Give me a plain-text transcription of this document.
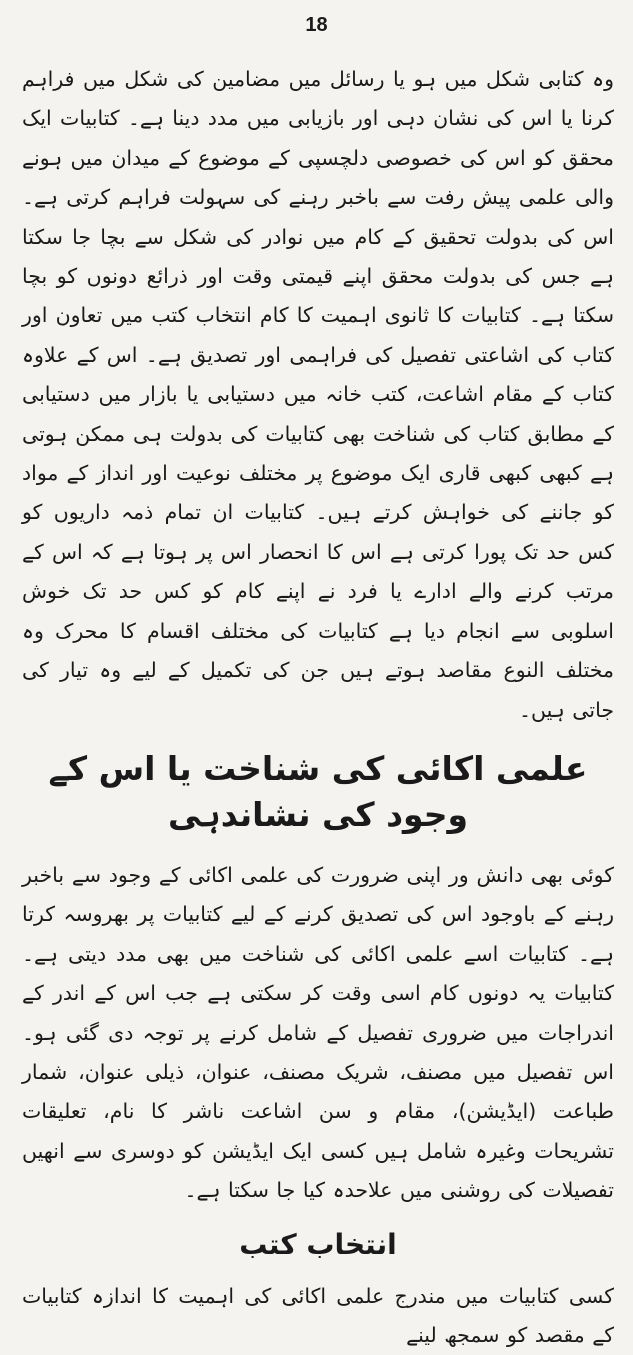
18

وہ کتابی شکل میں ہو یا رسائل میں مضامین کی شکل میں فراہم کرنا یا اس کی نشان دہی اور بازیابی میں مدد دینا ہے۔ کتابیات ایک محقق کو اس کی خصوصی دلچسپی کے موضوع کے میدان میں ہونے والی علمی پیش رفت سے باخبر رہنے کی سہولت فراہم کرتی ہے۔ اس کی بدولت تحقیق کے کام میں نوادر کی شکل سے بچا جا سکتا ہے جس کی بدولت محقق اپنے قیمتی وقت اور ذرائع دونوں کو بچا سکتا ہے۔ کتابیات کا ثانوی اہمیت کا کام انتخاب کتب میں تعاون اور کتاب کی اشاعتی تفصیل کی فراہمی اور تصدیق ہے۔ اس کے علاوہ کتاب کے مقام اشاعت، کتب خانہ میں دستیابی یا بازار میں دستیابی کے مطابق کتاب کی شناخت بھی کتابیات کی بدولت ہی ممکن ہوتی ہے کبھی کبھی قاری ایک موضوع پر مختلف نوعیت اور انداز کے مواد کو جاننے کی خواہش کرتے ہیں۔ کتابیات ان تمام ذمہ داریوں کو کس حد تک پورا کرتی ہے اس کا انحصار اس پر ہوتا ہے کہ اس کے مرتب کرنے والے ادارے یا فرد نے اپنے کام کو کس حد تک خوش اسلوبی سے انجام دیا ہے کتابیات کی مختلف اقسام کا محرک وہ مختلف النوع مقاصد ہوتے ہیں جن کی تکمیل کے لیے وہ تیار کی جاتی ہیں۔

علمی اکائی کی شناخت یا اس کے وجود کی نشاندہی

کوئی بھی دانش ور اپنی ضرورت کی علمی اکائی کے وجود سے باخبر رہنے کے باوجود اس کی تصدیق کرنے کے لیے کتابیات پر بھروسہ کرتا ہے۔ کتابیات اسے علمی اکائی کی شناخت میں بھی مدد دیتی ہے۔ کتابیات یہ دونوں کام اسی وقت کر سکتی ہے جب اس کے اندر کے اندراجات میں ضروری تفصیل کے شامل کرنے پر توجہ دی گئی ہو۔ اس تفصیل میں مصنف، شریک مصنف، عنوان، ذیلی عنوان، شمار طباعت (ایڈیشن)، مقام و سن اشاعت ناشر کا نام، تعلیقات تشریحات وغیرہ شامل ہیں کسی ایک ایڈیشن کو دوسری سے انھیں تفصیلات کی روشنی میں علاحدہ کیا جا سکتا ہے۔

انتخاب کتب

کسی کتابیات میں مندرج علمی اکائی کی اہمیت کا اندازہ کتابیات کے مقصد کو سمجھ لینے
